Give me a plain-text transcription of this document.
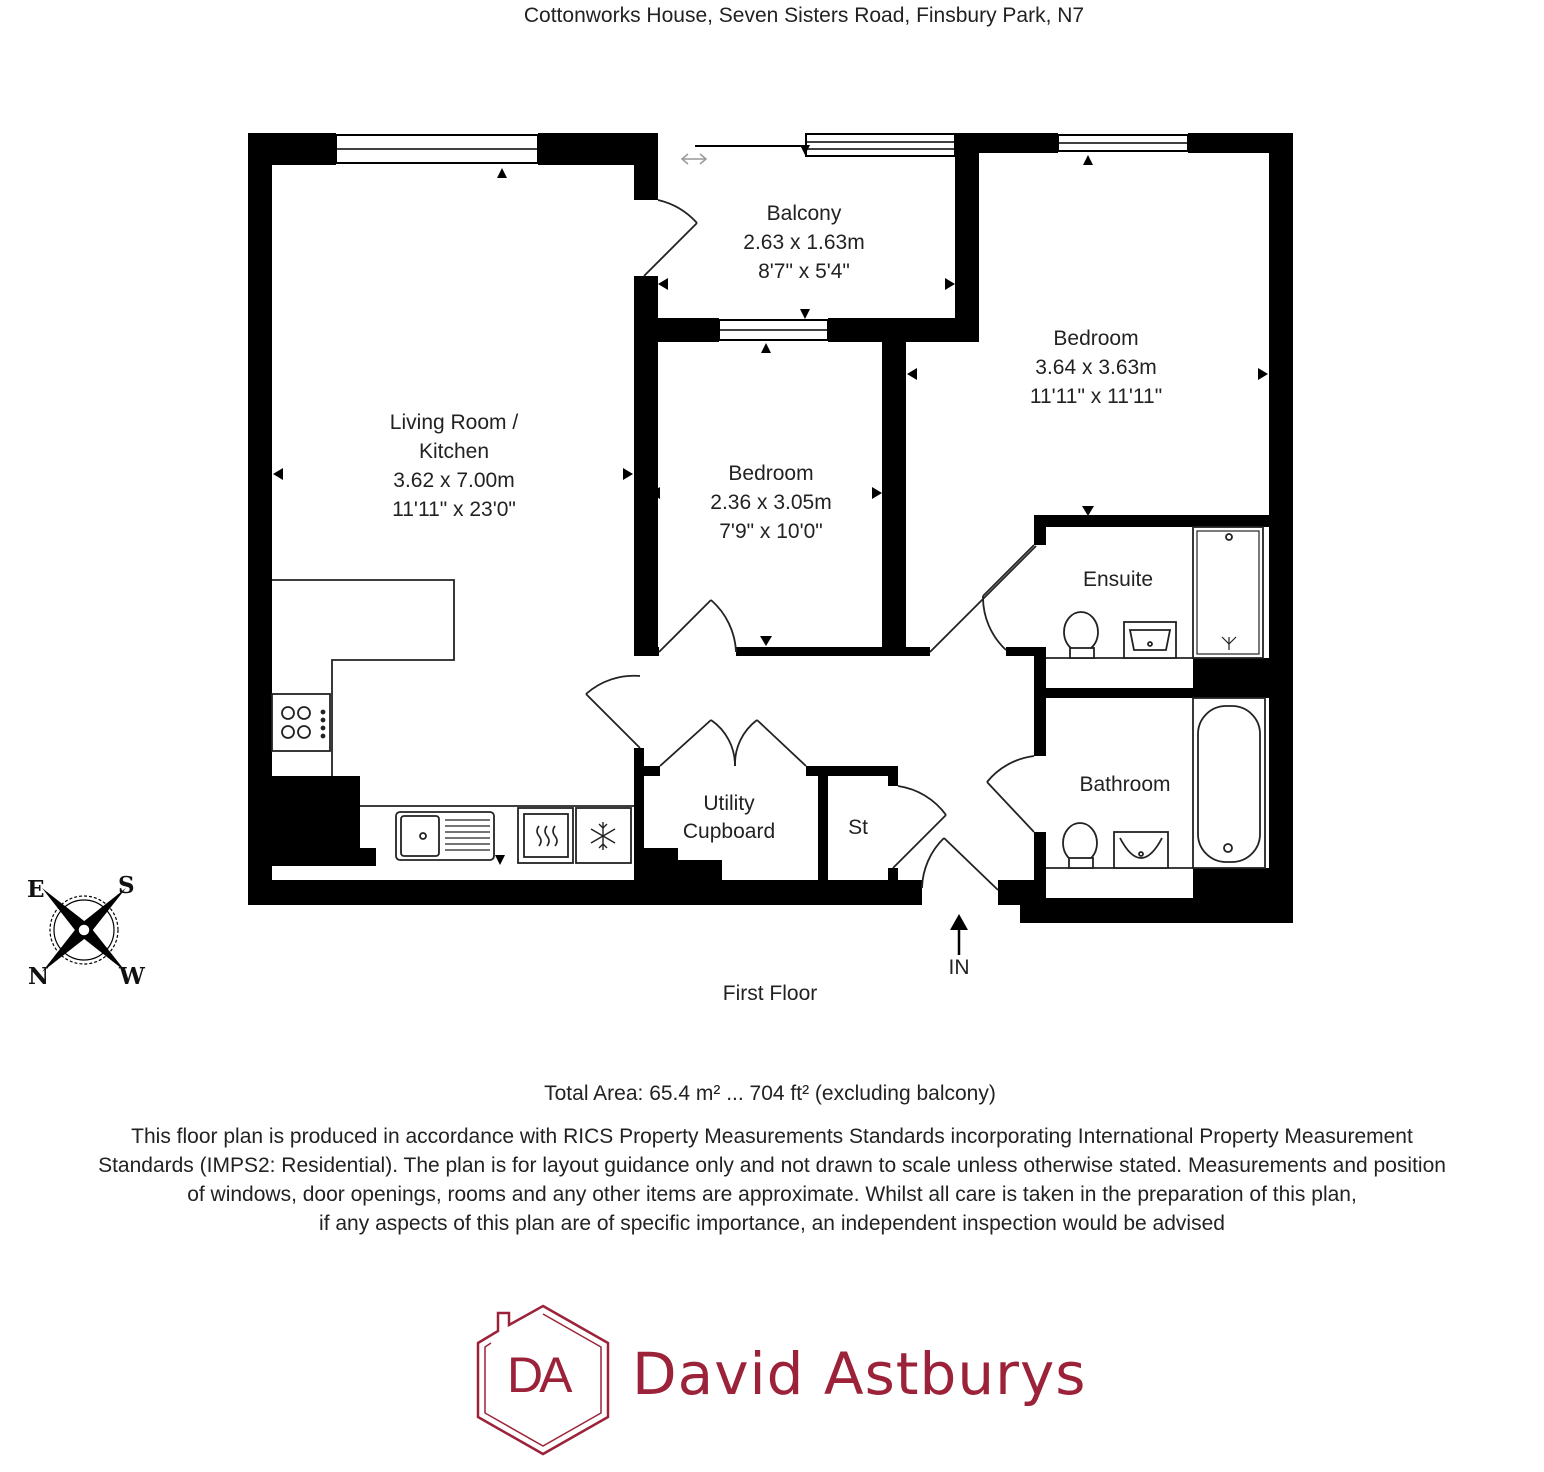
Cottonworks House, Seven Sisters Road, Finsbury Park, N7
Living Room /
Kitchen
3.62 x 7.00m
11'11" x 23'0"
Balcony
2.63 x 1.63m
8'7" x 5'4"
Bedroom
2.36 x 3.05m
7'9" x 10'0"
Bedroom
3.64 x 3.63m
11'11" x 11'11"
Ensuite
Bathroom
Utility
Cupboard	St
IN
First Floor
E	S
N	W
Total Area: 65.4 m² ... 704 ft² (excluding balcony)
This floor plan is produced in accordance with RICS Property Measurements Standards incorporating International Property Measurement
Standards (IMPS2: Residential). The plan is for layout guidance only and not drawn to scale unless otherwise stated. Measurements and position
of windows, door openings, rooms and any other items are approximate. Whilst all care is taken in the preparation of this plan,
if any aspects of this plan are of specific importance, an independent inspection would be advised
DA David Astburys
